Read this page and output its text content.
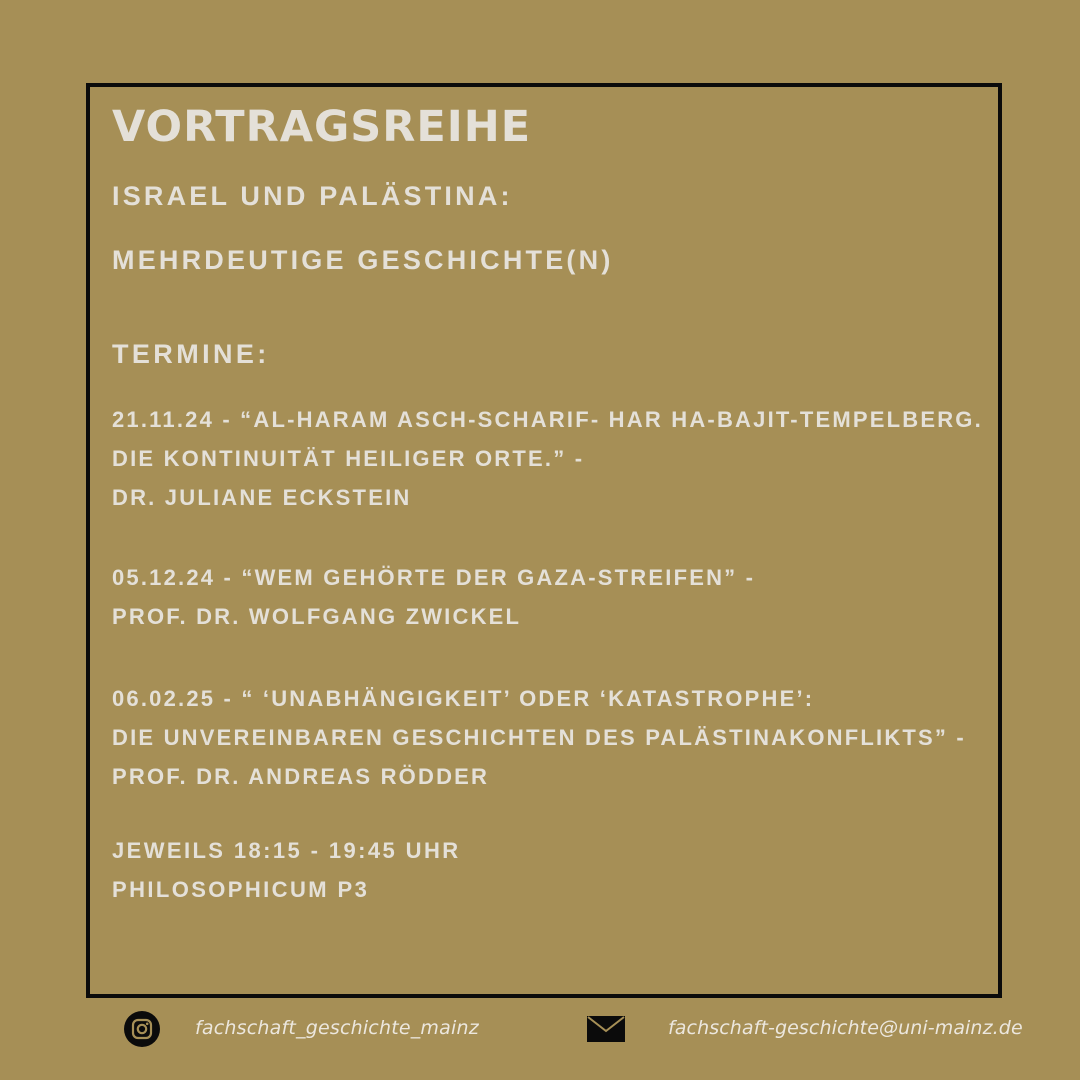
VORTRAGSREIHE
ISRAEL UND PALÄSTINA:
MEHRDEUTIGE GESCHICHTE(N)
TERMINE:
21.11.24 - “AL-HARAM ASCH-SCHARIF- HAR HA-BAJIT-TEMPELBERG.
DIE KONTINUITÄT HEILIGER ORTE.” -
DR. JULIANE ECKSTEIN
05.12.24 - “WEM GEHÖRTE DER GAZA-STREIFEN” -
PROF. DR. WOLFGANG ZWICKEL
06.02.25 - “ ‘UNABHÄNGIGKEIT’ ODER ‘KATASTROPHE’:
DIE UNVEREINBAREN GESCHICHTEN DES PALÄSTINAKONFLIKTS” -
PROF. DR. ANDREAS RÖDDER
JEWEILS 18:15 - 19:45 UHR
PHILOSOPHICUM P3
fachschaft_geschichte_mainz	fachschaft-geschichte@uni-mainz.de
